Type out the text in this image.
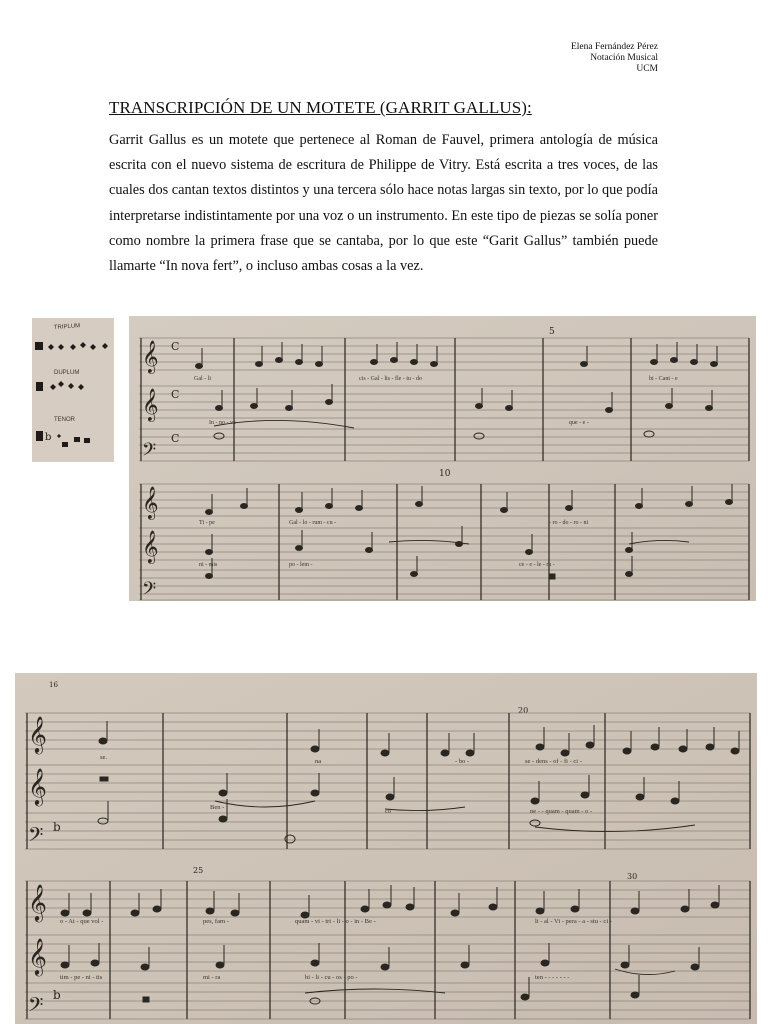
Elena Fernández Pérez
Notación Musical
UCM
TRANSCRIPCIÓN DE UN MOTETE (GARRIT GALLUS):

Garrit Gallus es un motete que pertenece al Roman de Fauvel, primera antología de música escrita con el nuevo sistema de escritura de Philippe de Vitry. Está escrita a tres voces, de las cuales dos cantan textos distintos y una tercera sólo hace notas largas sin texto, por lo que podía interpretarse indistintamente por una voz o un instrumento. En este tipo de piezas se solía poner como nombre la primera frase que se cantaba, por lo que este “Garit Gallus” también puede llamarte “In nova fert”, o incluso ambas cosas a la vez.

TRIPLUM
DUPLUM
TENOR
b
𝄞
𝄞
𝄢
𝄞
𝄞
𝄢
C
C
C
5
10
Gal - li	cis - Gal - lis - fle - tu - do	bi - Cant - e
In - no - va -	que - e -
Ti - pe	Gal - lo - rum - cu -	- ro - do - ro - ni
ni - mis	po - lem -	ce - e - le - ru -
16
20
25
30
𝄞
𝄞
𝄢
𝄞
𝄞
𝄢
b
b
se.
na	- bo -	se - dens - of - fi - ci -
Ben -
co	ne - - quam - quam - o -
o - At - que vol -	pes, fam -	quam - vi - tri - li - o - in - Be -	li - al - Vi - pera - a - stu - ci -
tim - pe - ni - tis	mi - ra	bi - li - cu - os - po -	ten - - - - - - -
